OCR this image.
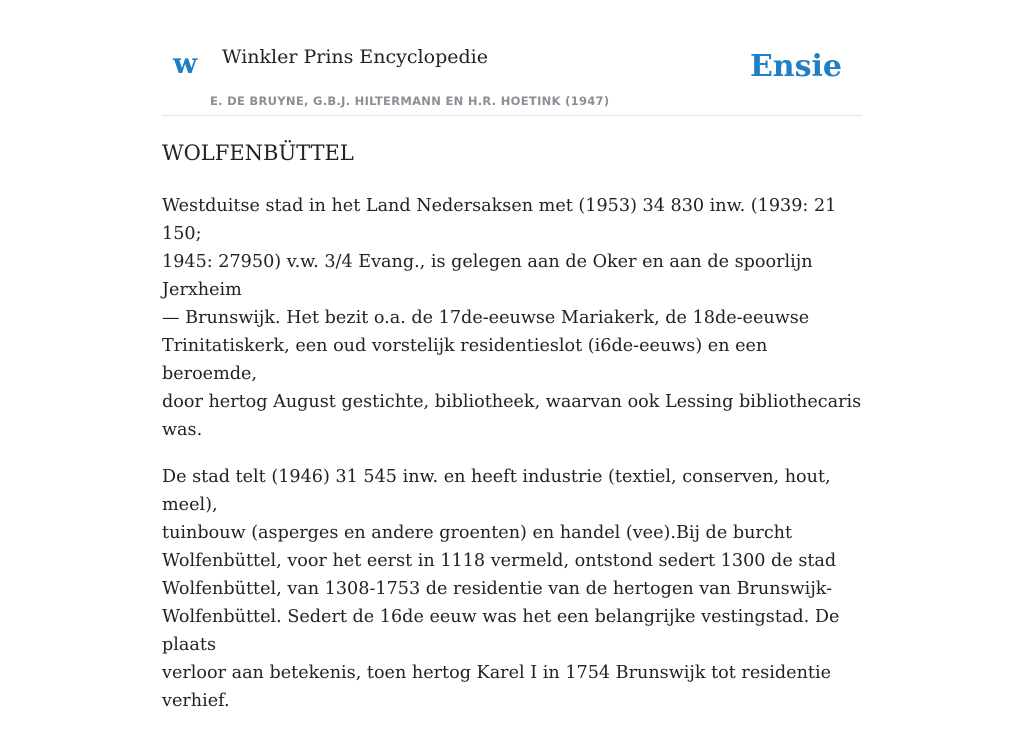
w Winkler Prins Encyclopedie
E. DE BRUYNE, G.B.J. HILTERMANN EN H.R. HOETINK (1947)
Ensie
WOLFENBÜTTEL

Westduitse stad in het Land Nedersaksen met (1953) 34 830 inw. (1939: 21 150;
1945: 27950) v.w. 3/4 Evang., is gelegen aan de Oker en aan de spoorlijn Jerxheim
— Brunswijk. Het bezit o.a. de 17de-eeuwse Mariakerk, de 18de-eeuwse
Trinitatiskerk, een oud vorstelijk residentieslot (i6de-eeuws) en een beroemde,
door hertog August gestichte, bibliotheek, waarvan ook Lessing bibliothecaris was.

De stad telt (1946) 31 545 inw. en heeft industrie (textiel, conserven, hout, meel),
tuinbouw (asperges en andere groenten) en handel (vee).Bij de burcht
Wolfenbüttel, voor het eerst in 1118 vermeld, ontstond sedert 1300 de stad
Wolfenbüttel, van 1308-1753 de residentie van de hertogen van Brunswijk-
Wolfenbüttel. Sedert de 16de eeuw was het een belangrijke vestingstad. De plaats
verloor aan betekenis, toen hertog Karel I in 1754 Brunswijk tot residentie verhief.
